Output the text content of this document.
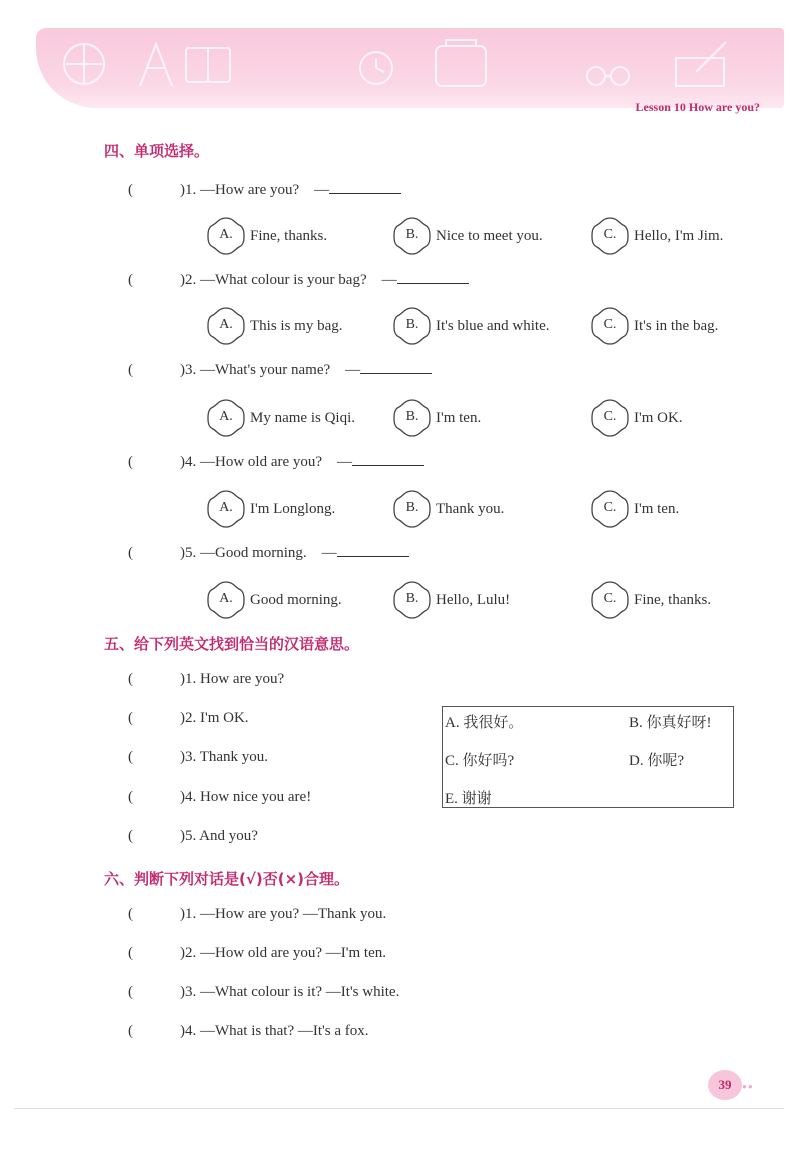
Lesson 10 How are you?
四、单项选择。
(	)1. —How are you?　—
A.	Fine, thanks.	B.	Nice to meet you.	C.	Hello, I'm Jim.
(	)2. —What colour is your bag?　—
A.	This is my bag.	B.	It's blue and white.	C.	It's in the bag.
(	)3. —What's your name?　—
A.	My name is Qiqi.	B.	I'm ten.	C.	I'm OK.
(	)4. —How old are you?　—
A.	I'm Longlong.	B.	Thank you.	C.	I'm ten.
(	)5. —Good morning.　—
A.	Good morning.	B.	Hello, Lulu!	C.	Fine, thanks.
五、给下列英文找到恰当的汉语意思。
(	)1. How are you?
(	)2. I'm OK.
(	)3. Thank you.
(	)4. How nice you are!
(	)5. And you?
A. 我很好。	B. 你真好呀!
C. 你好吗?	D. 你呢?
E. 谢谢
六、判断下列对话是(√)否(×)合理。
(	)1. —How are you? —Thank you.
(	)2. —How old are you? —I'm ten.
(	)3. —What colour is it? —It's white.
(	)4. —What is that? —It's a fox.
39	●●
